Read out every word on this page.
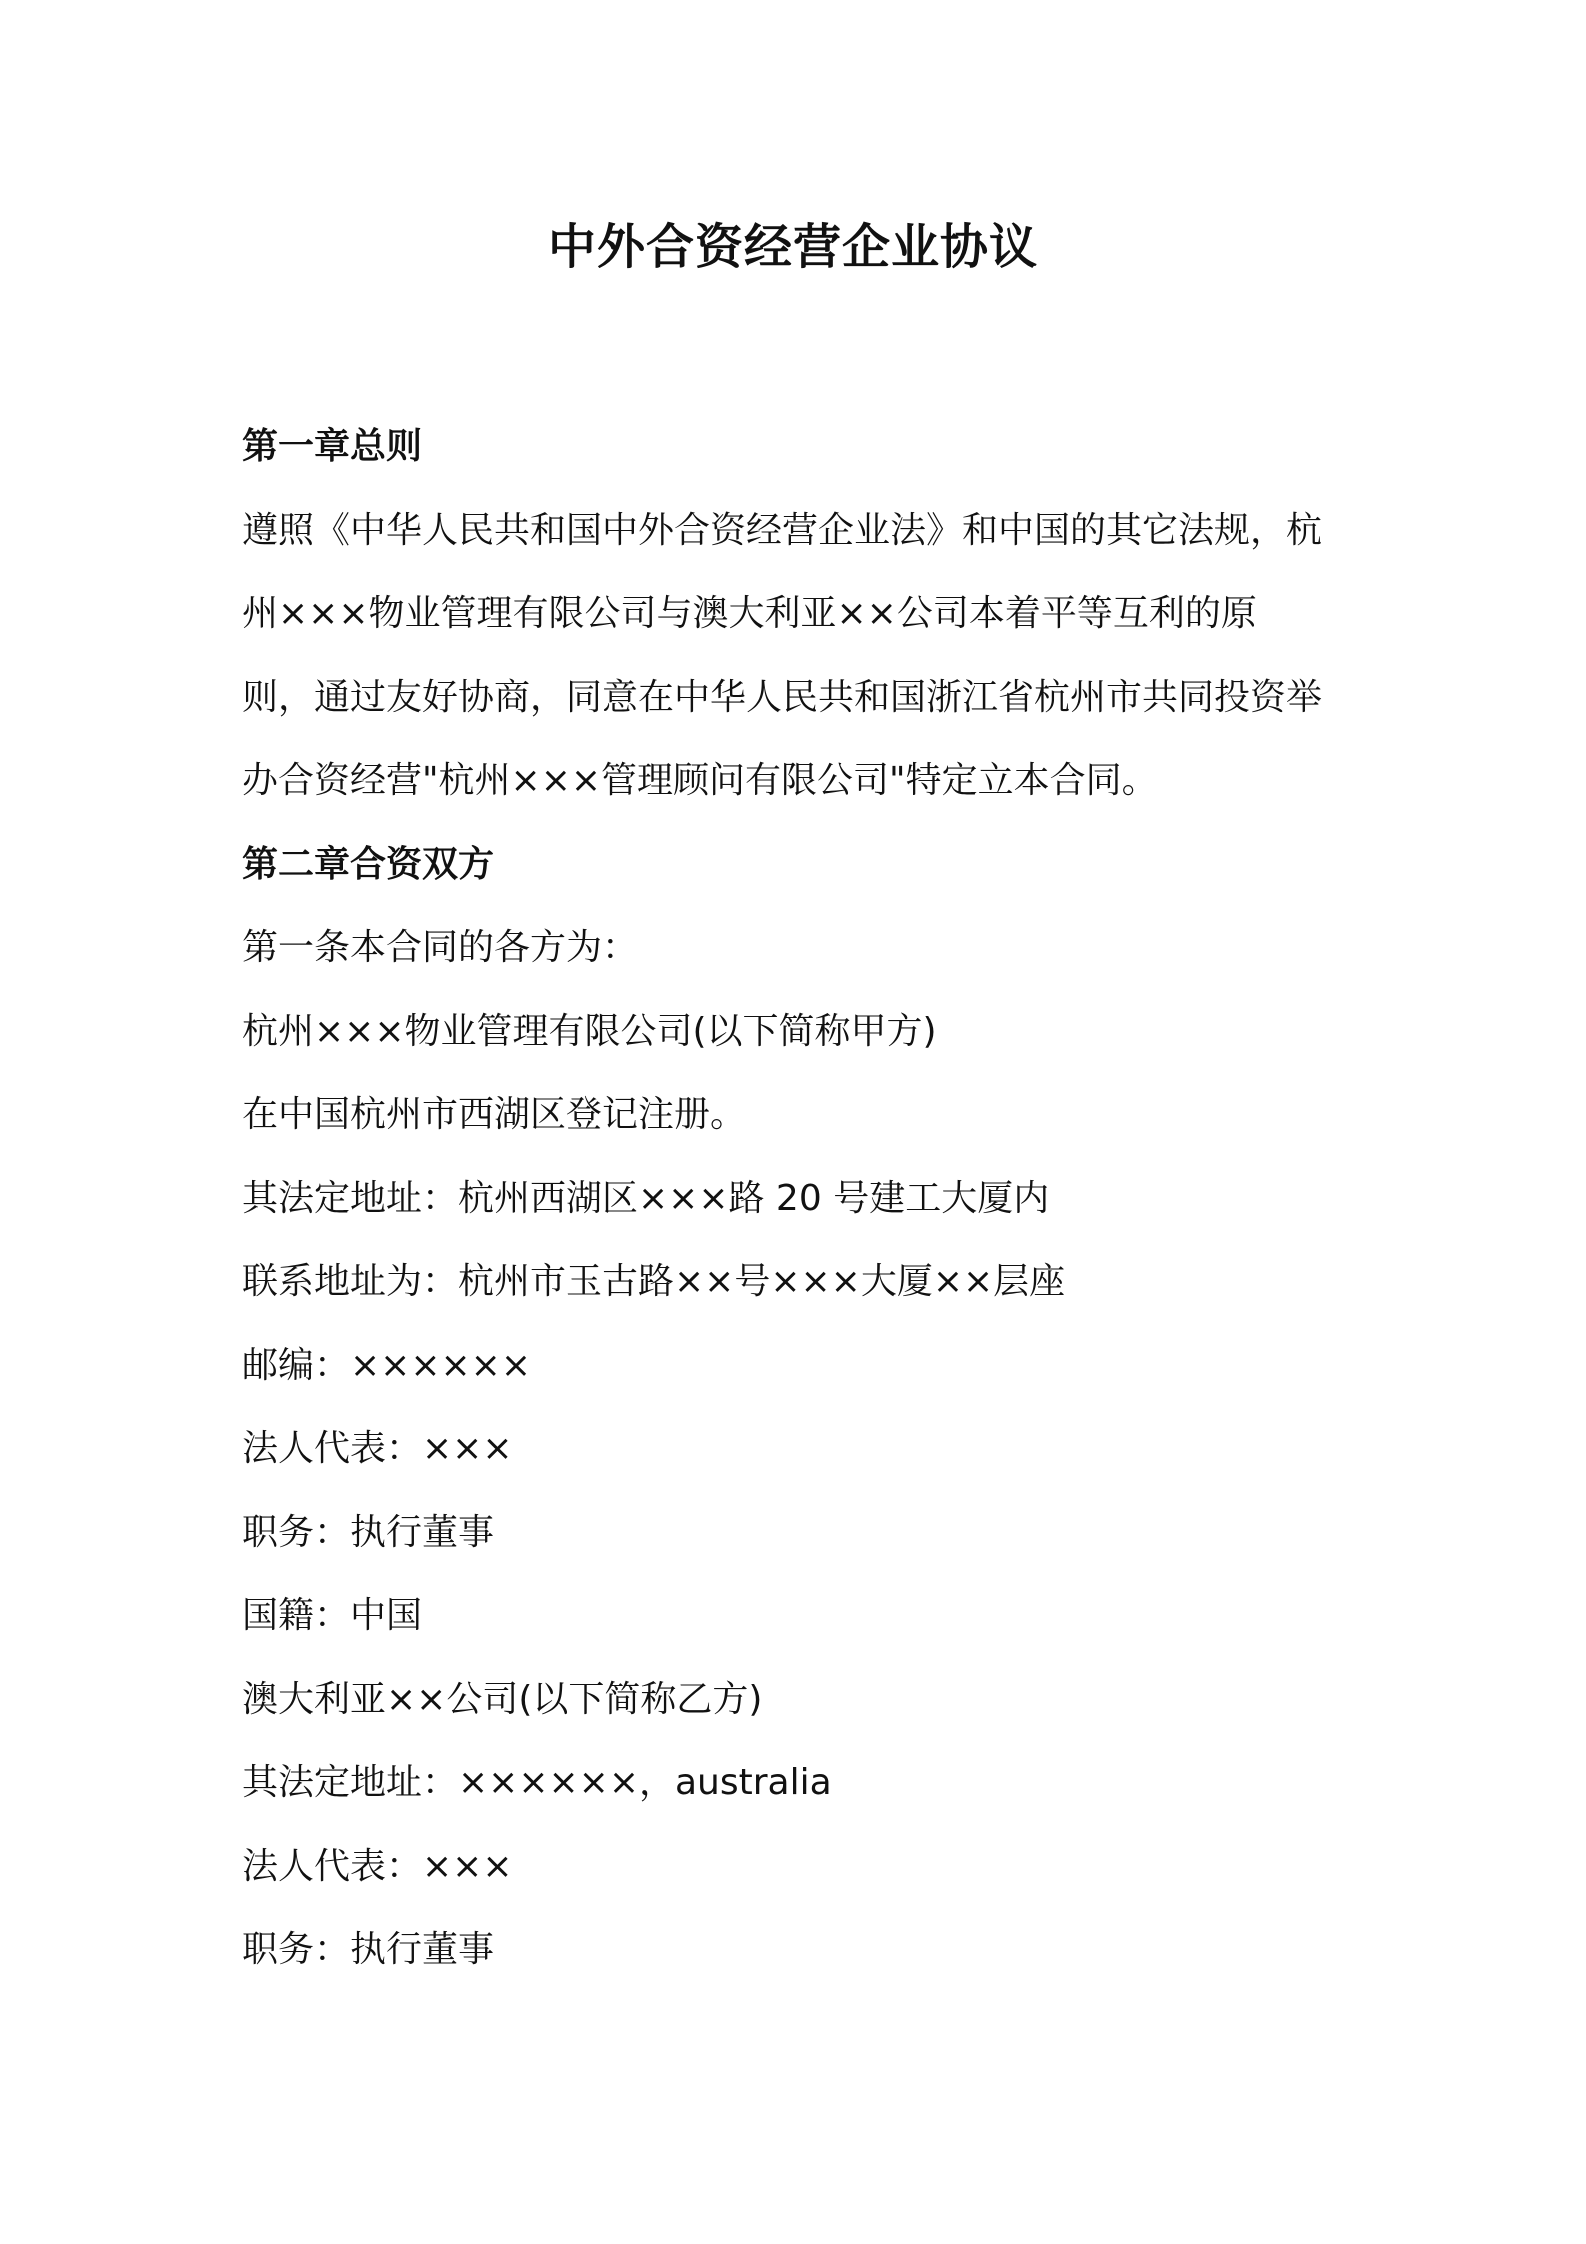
中外合资经营企业协议
第一章总则
遵照《中华人民共和国中外合资经营企业法》和中国的其它法规，杭
州×××物业管理有限公司与澳大利亚××公司本着平等互利的原
则，通过友好协商，同意在中华人民共和国浙江省杭州市共同投资举
办合资经营"杭州×××管理顾问有限公司"特定立本合同。
第二章合资双方
第一条本合同的各方为：
杭州×××物业管理有限公司(以下简称甲方)
在中国杭州市西湖区登记注册。
其法定地址：杭州西湖区×××路 20 号建工大厦内
联系地址为：杭州市玉古路××号×××大厦××层座
邮编：××××××
法人代表：×××
职务：执行董事
国籍：中国
澳大利亚××公司(以下简称乙方)
其法定地址：××××××，australia
法人代表：×××
职务：执行董事
